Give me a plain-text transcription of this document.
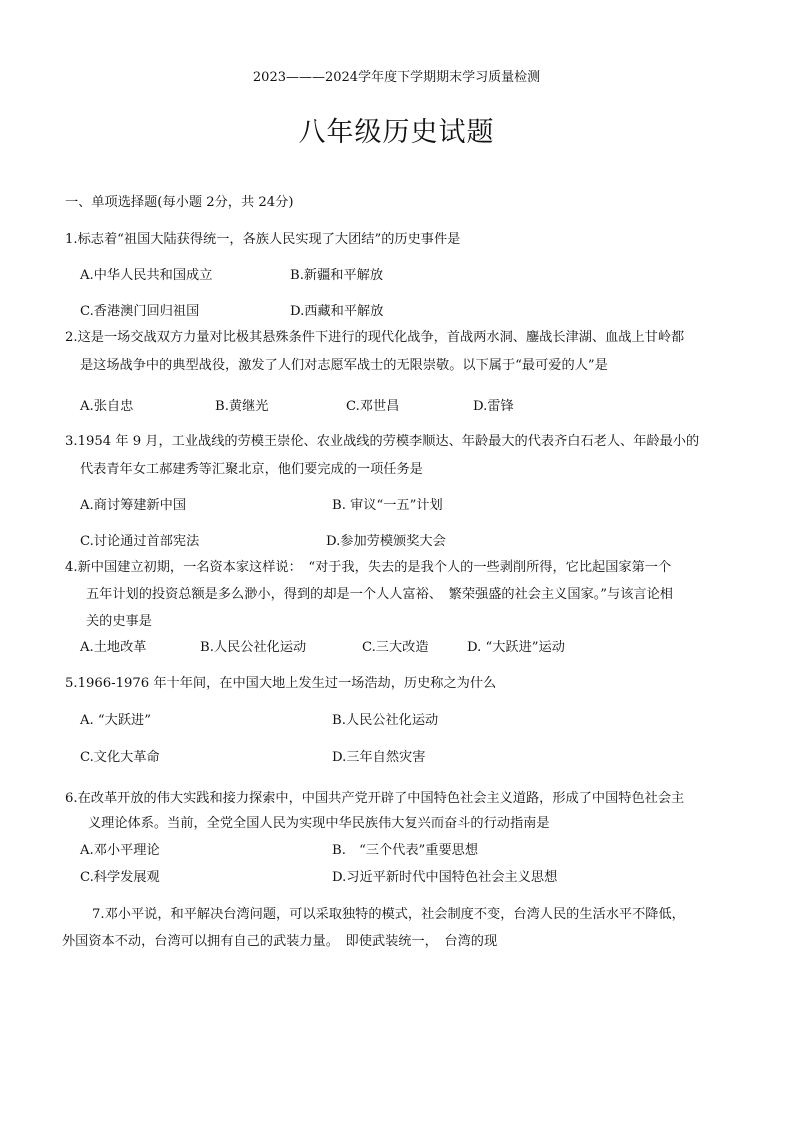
2023———2024学年度下学期期末学习质量检测
八年级历史试题
一、单项选择题(每小题 2分，共 24分)
1.标志着“祖国大陆获得统一，各族人民实现了大团结”的历史事件是
A.中华人民共和国成立	B.新疆和平解放
C.香港澳门回归祖国	D.西藏和平解放
2.这是一场交战双方力量对比极其悬殊条件下进行的现代化战争，首战两水洞、鏖战长津湖、血战上甘岭都
是这场战争中的典型战役，激发了人们对志愿军战士的无限崇敬。以下属于“最可爱的人”是
A.张自忠	B.黄继光	C.邓世昌	D.雷锋
3.1954 年 9 月，工业战线的劳模王崇伦、农业战线的劳模李顺达、年龄最大的代表齐白石老人、年龄最小的
代表青年女工郝建秀等汇聚北京，他们要完成的一项任务是
A.商讨筹建新中国	B. 审议“一五”计划
C.讨论通过首部宪法	D.参加劳模颁奖大会
4.新中国建立初期，一名资本家这样说：　“对于我，失去的是我个人的一些剥削所得，它比起国家第一个
五年计划的投资总额是多么渺小，得到的却是一个人人富裕、　繁荣强盛的社会主义国家。”与该言论相
关的史事是
A.土地改革	B.人民公社化运动	C.三大改造	D. “大跃进”运动
5.1966-1976 年十年间，在中国大地上发生过一场浩劫，历史称之为什么
A. “大跃进”	B.人民公社化运动
C.文化大革命	D.三年自然灾害
6.在改革开放的伟大实践和接力探索中，中国共产党开辟了中国特色社会主义道路，形成了中国特色社会主
义理论体系。当前，全党全国人民为实现中华民族伟大复兴而奋斗的行动指南是
A.邓小平理论	B.　“三个代表”重要思想
C.科学发展观	D.习近平新时代中国特色社会主义思想
7.邓小平说，和平解决台湾问题，可以采取独特的模式，社会制度不变，台湾人民的生活水平不降低，
外国资本不动，台湾可以拥有自己的武装力量。　即使武装统一，　台湾的现
